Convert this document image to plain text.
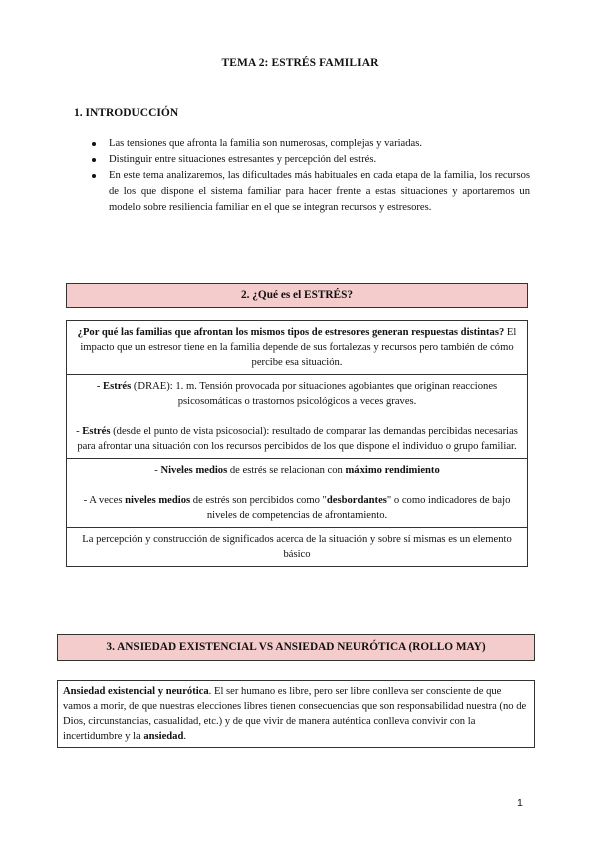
TEMA 2: ESTRÉS FAMILIAR
1. INTRODUCCIÓN
Las tensiones que afronta la familia son numerosas, complejas y variadas.
Distinguir entre situaciones estresantes y percepción del estrés.
En este tema analizaremos, las dificultades más habituales en cada etapa de la familia, los recursos de los que dispone el sistema familiar para hacer frente a estas situaciones y aportaremos un modelo sobre resiliencia familiar en el que se integran recursos y estresores.
2. ¿Qué es el ESTRÉS?
¿Por qué las familias que afrontan los mismos tipos de estresores generan respuestas distintas? El impacto que un estresor tiene en la familia depende de sus fortalezas y recursos pero también de cómo percibe esa situación.

- Estrés (DRAE): 1. m. Tensión provocada por situaciones agobiantes que originan reacciones psicosomáticas o trastornos psicológicos a veces graves.

- Estrés (desde el punto de vista psicosocial): resultado de comparar las demandas percibidas necesarias para afrontar una situación con los recursos percibidos de los que dispone el individuo o grupo familiar.

- Niveles medios de estrés se relacionan con máximo rendimiento

- A veces niveles medios de estrés son percibidos como "desbordantes" o como indicadores de bajo niveles de competencias de afrontamiento.

La percepción y construcción de significados acerca de la situación y sobre sí mismas es un elemento básico
3. ANSIEDAD EXISTENCIAL VS ANSIEDAD NEURÓTICA (ROLLO MAY)
Ansiedad existencial y neurótica. El ser humano es libre, pero ser libre conlleva ser consciente de que vamos a morir, de que nuestras elecciones libres tienen consecuencias que son responsabilidad nuestra (no de Dios, circunstancias, casualidad, etc.) y de que vivir de manera auténtica conlleva convivir con la incertidumbre y la ansiedad.
1
